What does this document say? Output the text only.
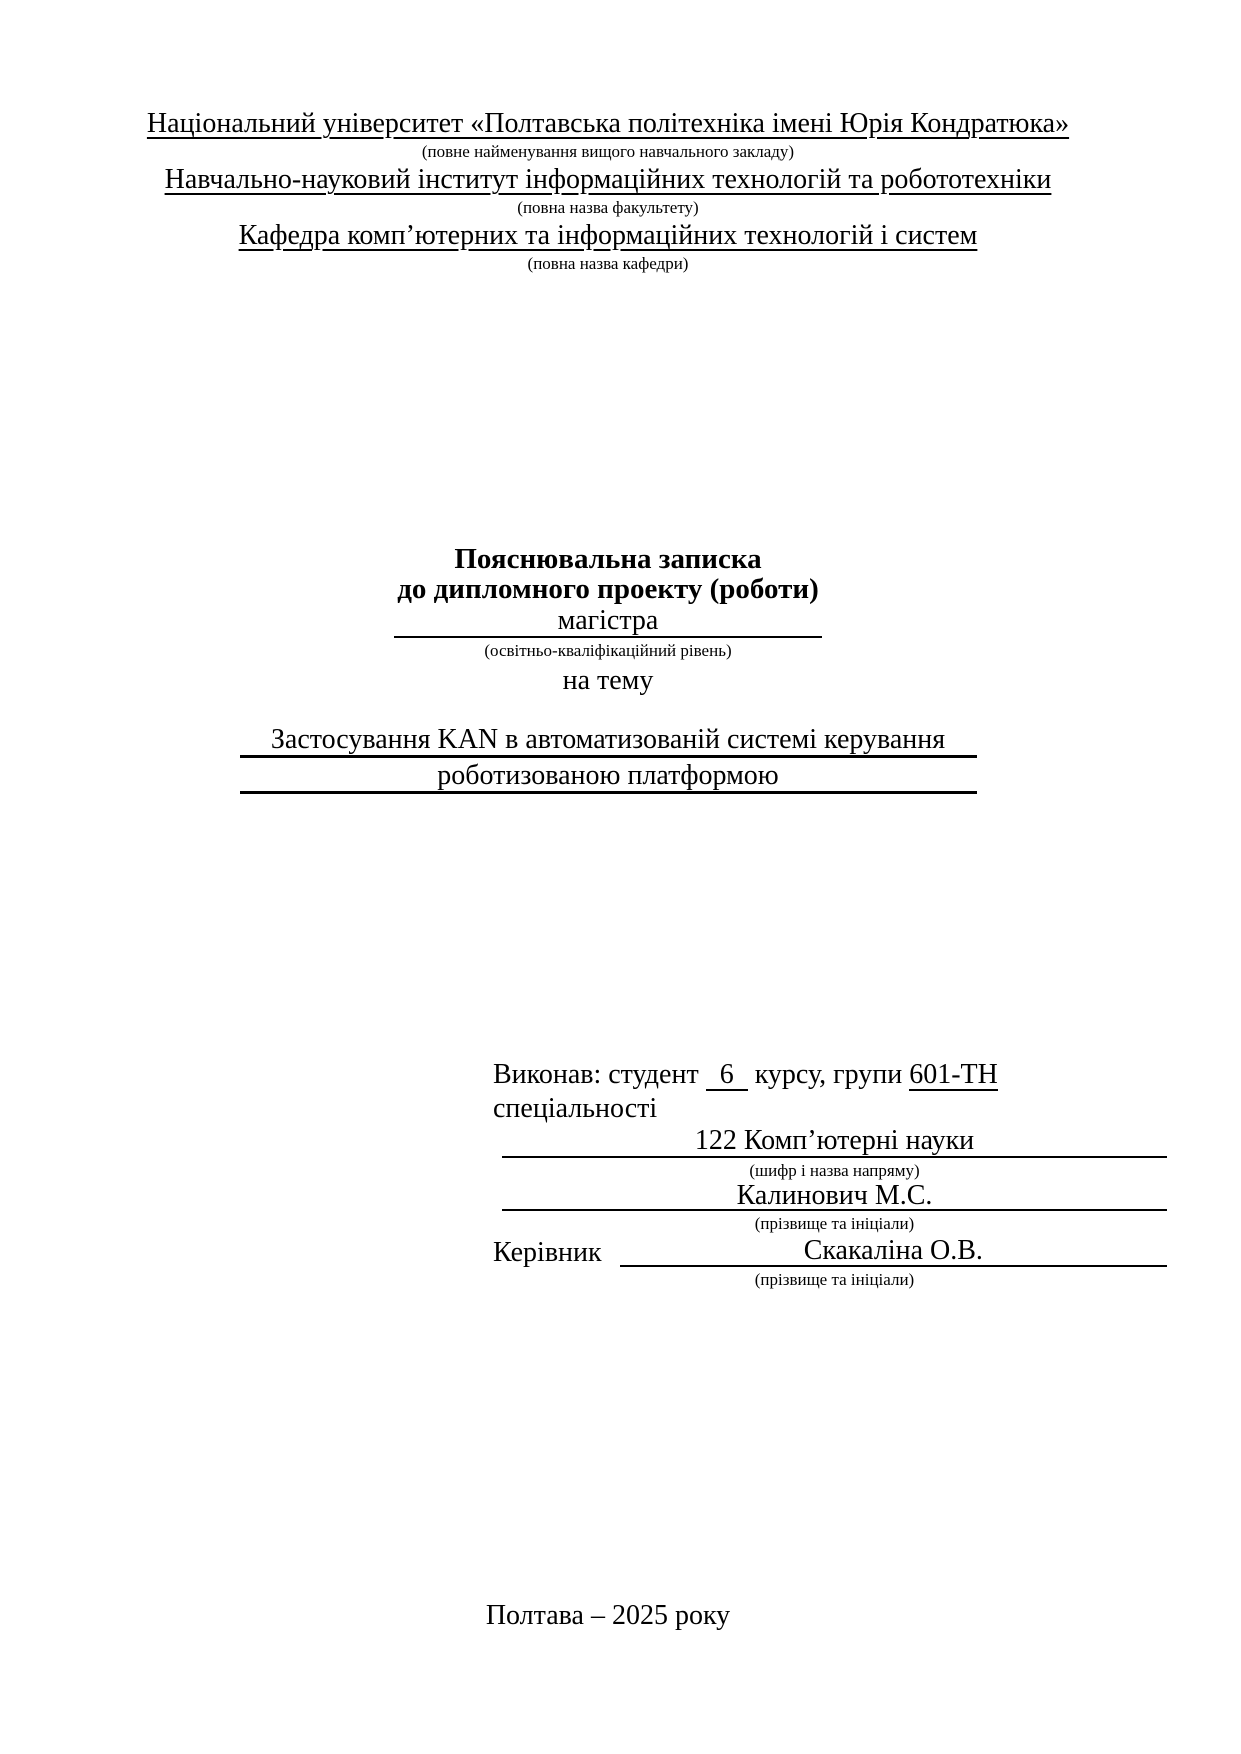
Національний університет «Полтавська політехніка імені Юрія Кондратюка»
(повне найменування вищого навчального закладу)
Навчально-науковий інститут інформаційних технологій та робототехніки
(повна назва факультету)
Кафедра комп’ютерних та інформаційних технологій і систем
(повна назва кафедри)
Пояснювальна записка
до дипломного проекту (роботи)
магістра
(освітньо-кваліфікаційний рівень)
на тему
Застосування KAN в автоматизованій системі керування
роботизованою платформою
Виконав: студент 6 курсу, групи 601-ТН
спеціальності
122 Комп’ютерні науки
(шифр і назва напряму)
Калинович М.С.
(прізвище та ініціали)
Керівник	Скакаліна О.В.
(прізвище та ініціали)
Полтава – 2025 року
